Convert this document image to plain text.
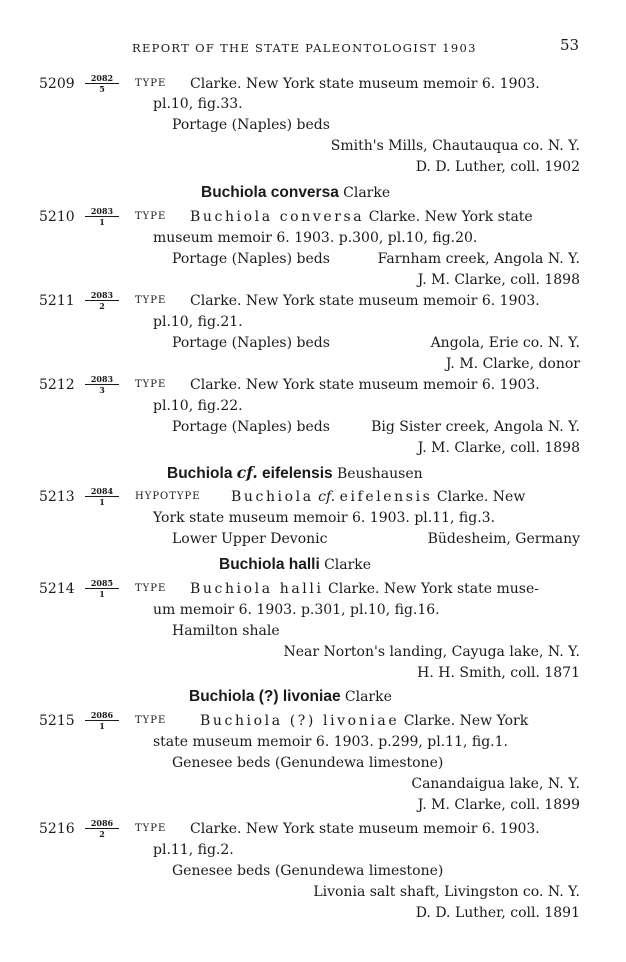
REPORT OF THE STATE PALEONTOLOGIST 1903	53
$5209 \frac{2082}{5}$ TYPE Clarke. New York state museum memoir 6. 1903.
pl.10, fig.33.
Portage (Naples) beds
Smith's Mills, Chautauqua co. N. Y.
D. D. Luther, coll. 1902
Buchiola conversa Clarke
$5210 \frac{2083}{1}$ TYPE Buchiola conversa Clarke. New York state
museum memoir 6. 1903. p.300, pl.10, fig.20.
Portage (Naples) beds	Farnham creek, Angola N. Y.
J. M. Clarke, coll. 1898
$5211 \frac{2083}{2}$ TYPE Clarke. New York state museum memoir 6. 1903.
pl.10, fig.21.
Portage (Naples) beds	Angola, Erie co. N. Y.
J. M. Clarke, donor
$5212 \frac{2083}{3}$ TYPE Clarke. New York state museum memoir 6. 1903.
pl.10, fig.22.
Portage (Naples) beds	Big Sister creek, Angola N. Y.
J. M. Clarke, coll. 1898
Buchiola cf. eifelensis Beushausen
$5213 \frac{2084}{1}$ HYPOTYPE Buchiola cf. eifelensis Clarke. New
York state museum memoir 6. 1903. pl.11, fig.3.
Lower Upper Devonic	Büdesheim, Germany
Buchiola halli Clarke
$5214 \frac{2085}{1}$ TYPE Buchiola halli Clarke. New York state muse-
um memoir 6. 1903. p.301, pl.10, fig.16.
Hamilton shale
Near Norton's landing, Cayuga lake, N. Y.
H. H. Smith, coll. 1871
Buchiola (?) livoniae Clarke
$5215 \frac{2086}{1}$ TYPE Buchiola (?) livoniae Clarke. New York
state museum memoir 6. 1903. p.299, pl.11, fig.1.
Genesee beds (Genundewa limestone)
Canandaigua lake, N. Y.
J. M. Clarke, coll. 1899
$5216 \frac{2086}{2}$ TYPE Clarke. New York state museum memoir 6. 1903.
pl.11, fig.2.
Genesee beds (Genundewa limestone)
Livonia salt shaft, Livingston co. N. Y.
D. D. Luther, coll. 1891
